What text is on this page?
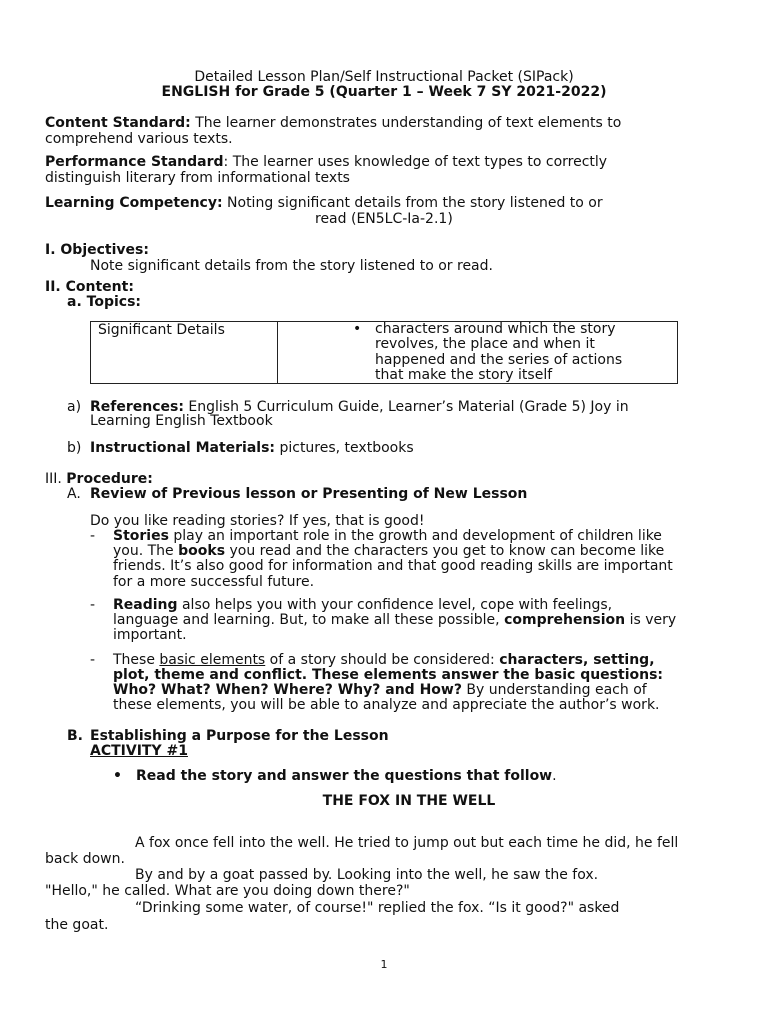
Detailed Lesson Plan/Self Instructional Packet (SIPack)
ENGLISH for Grade 5 (Quarter 1 – Week 7 SY 2021-2022)
Content Standard: The learner demonstrates understanding of text elements to
comprehend various texts.
Performance Standard: The learner uses knowledge of text types to correctly
distinguish literary from informational texts
Learning Competency: Noting significant details from the story listened to or
read (EN5LC-Ia-2.1)
I. Objectives:
Note significant details from the story listened to or read.
II. Content:
a. Topics:
Significant Details	• characters around which the story
revolves, the place and when it
happened and the series of actions
that make the story itself
a) References: English 5 Curriculum Guide, Learner’s Material (Grade 5) Joy in
Learning English Textbook
b) Instructional Materials: pictures, textbooks
III. Procedure:
A. Review of Previous lesson or Presenting of New Lesson
Do you like reading stories? If yes, that is good!
- Stories play an important role in the growth and development of children like
you. The books you read and the characters you get to know can become like
friends. It’s also good for information and that good reading skills are important
for a more successful future.
- Reading also helps you with your confidence level, cope with feelings,
language and learning. But, to make all these possible, comprehension is very
important.
- These basic elements of a story should be considered: characters, setting,
plot, theme and conflict. These elements answer the basic questions:
Who? What? When? Where? Why? and How? By understanding each of
these elements, you will be able to analyze and appreciate the author’s work.
B. Establishing a Purpose for the Lesson
ACTIVITY #1
• Read the story and answer the questions that follow.
THE FOX IN THE WELL
A fox once fell into the well. He tried to jump out but each time he did, he fell
back down.
By and by a goat passed by. Looking into the well, he saw the fox.
"Hello," he called. What are you doing down there?"
“Drinking some water, of course!" replied the fox. “Is it good?" asked
the goat.
1
